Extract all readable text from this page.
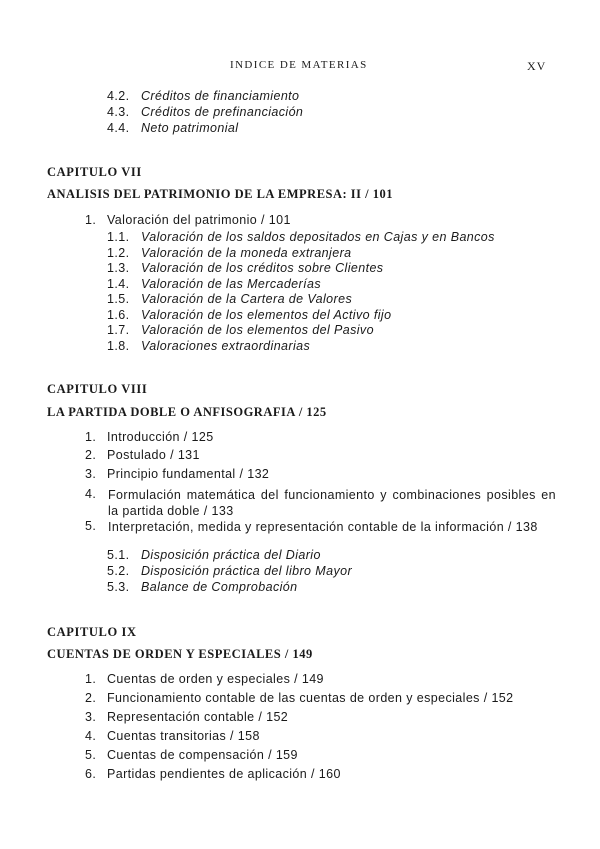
INDICE DE MATERIAS	XV
4.2. Créditos de financiamiento
4.3. Créditos de prefinanciación
4.4. Neto patrimonial
CAPITULO VII
ANALISIS DEL PATRIMONIO DE LA EMPRESA: II / 101
1. Valoración del patrimonio / 101
1.1. Valoración de los saldos depositados en Cajas y en Bancos
1.2. Valoración de la moneda extranjera
1.3. Valoración de los créditos sobre Clientes
1.4. Valoración de las Mercaderías
1.5. Valoración de la Cartera de Valores
1.6. Valoración de los elementos del Activo fijo
1.7. Valoración de los elementos del Pasivo
1.8. Valoraciones extraordinarias
CAPITULO VIII
LA PARTIDA DOBLE O ANFISOGRAFIA / 125
1. Introducción / 125
2. Postulado / 131
3. Principio fundamental / 132
4. Formulación matemática del funcionamiento y combinaciones posibles en la partida doble / 133
5. Interpretación, medida y representación contable de la información / 138
5.1. Disposición práctica del Diario
5.2. Disposición práctica del libro Mayor
5.3. Balance de Comprobación
CAPITULO IX
CUENTAS DE ORDEN Y ESPECIALES / 149
1. Cuentas de orden y especiales / 149
2. Funcionamiento contable de las cuentas de orden y especiales / 152
3. Representación contable / 152
4. Cuentas transitorias / 158
5. Cuentas de compensación / 159
6. Partidas pendientes de aplicación / 160
